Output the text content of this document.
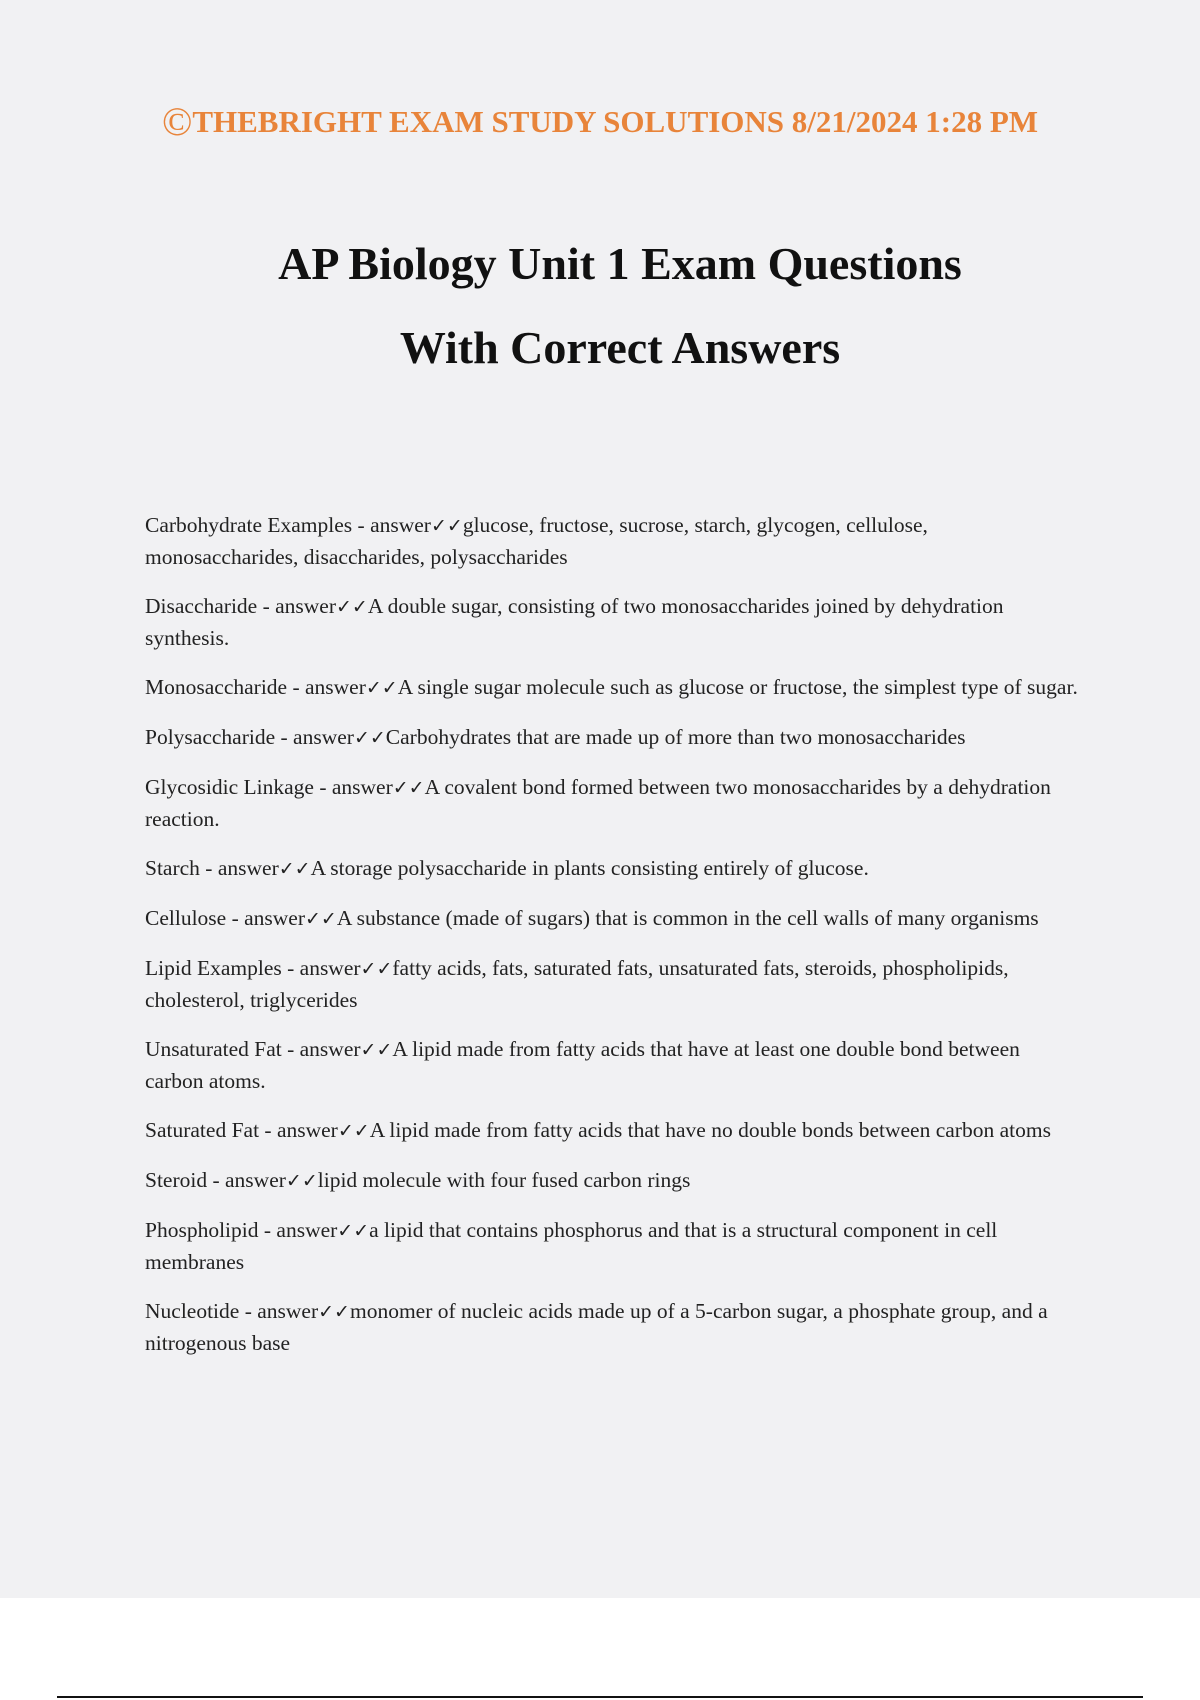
©THEBRIGHT EXAM STUDY SOLUTIONS 8/21/2024 1:28 PM
AP Biology Unit 1 Exam Questions
With Correct Answers
Carbohydrate Examples - answer✓✓glucose, fructose, sucrose, starch, glycogen, cellulose, monosaccharides, disaccharides, polysaccharides
Disaccharide - answer✓✓A double sugar, consisting of two monosaccharides joined by dehydration synthesis.
Monosaccharide - answer✓✓A single sugar molecule such as glucose or fructose, the simplest type of sugar.
Polysaccharide - answer✓✓Carbohydrates that are made up of more than two monosaccharides
Glycosidic Linkage - answer✓✓A covalent bond formed between two monosaccharides by a dehydration reaction.
Starch - answer✓✓A storage polysaccharide in plants consisting entirely of glucose.
Cellulose - answer✓✓A substance (made of sugars) that is common in the cell walls of many organisms
Lipid Examples - answer✓✓fatty acids, fats, saturated fats, unsaturated fats, steroids, phospholipids, cholesterol, triglycerides
Unsaturated Fat - answer✓✓A lipid made from fatty acids that have at least one double bond between carbon atoms.
Saturated Fat - answer✓✓A lipid made from fatty acids that have no double bonds between carbon atoms
Steroid - answer✓✓lipid molecule with four fused carbon rings
Phospholipid - answer✓✓a lipid that contains phosphorus and that is a structural component in cell membranes
Nucleotide - answer✓✓monomer of nucleic acids made up of a 5-carbon sugar, a phosphate group, and a nitrogenous base
